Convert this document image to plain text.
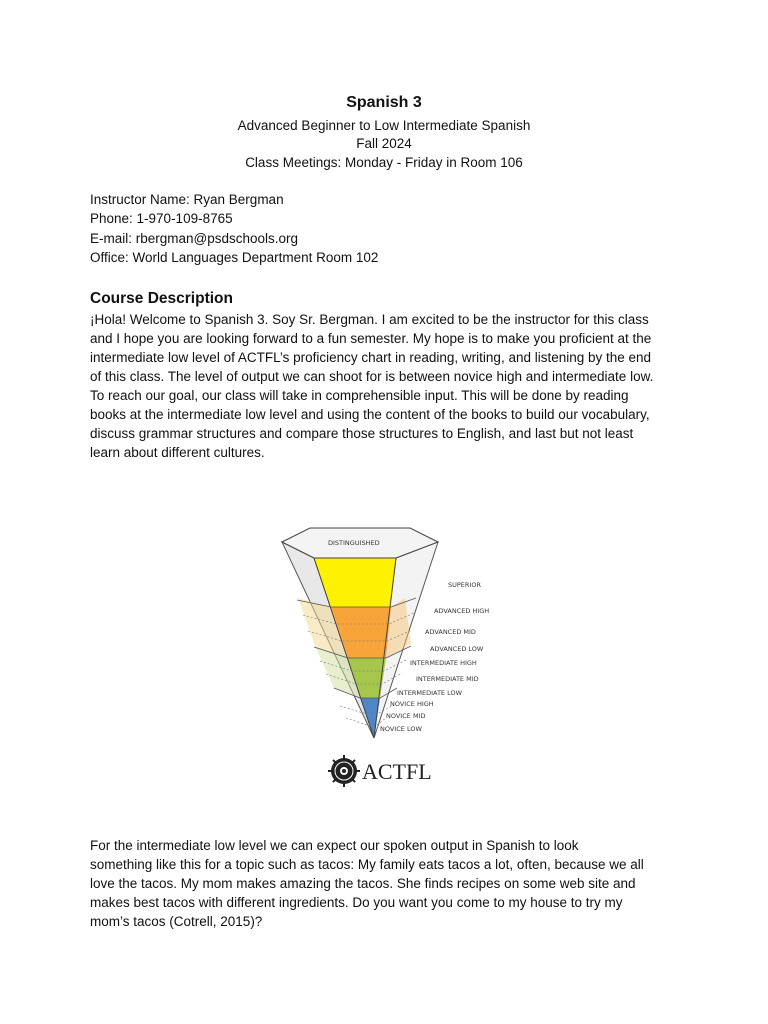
Spanish 3
Advanced Beginner to Low Intermediate Spanish
Fall 2024
Class Meetings: Monday - Friday in Room 106
Instructor Name: Ryan Bergman
Phone: 1-970-109-8765
E-mail: rbergman@psdschools.org
Office: World Languages Department Room 102
Course Description
¡Hola! Welcome to Spanish 3. Soy Sr. Bergman. I am excited to be the instructor for this class
and I hope you are looking forward to a fun semester. My hope is to make you proficient at the
intermediate low level of ACTFL’s proficiency chart in reading, writing, and listening by the end
of this class. The level of output we can shoot for is between novice high and intermediate low.
To reach our goal, our class will take in comprehensible input. This will be done by reading
books at the intermediate low level and using the content of the books to build our vocabulary,
discuss grammar structures and compare those structures to English, and last but not least
learn about different cultures.
DISTINGUISHED
SUPERIOR
ADVANCED HIGH
ADVANCED MID
ADVANCED LOW
INTERMEDIATE HIGH
INTERMEDIATE MID
INTERMEDIATE LOW
NOVICE HIGH
NOVICE MID
NOVICE LOW
ACTFL
For the intermediate low level we can expect our spoken output in Spanish to look
something like this for a topic such as tacos: My family eats tacos a lot, often, because we all
love the tacos. My mom makes amazing the tacos. She finds recipes on some web site and
makes best tacos with different ingredients. Do you want you come to my house to try my
mom’s tacos (Cotrell, 2015)?
